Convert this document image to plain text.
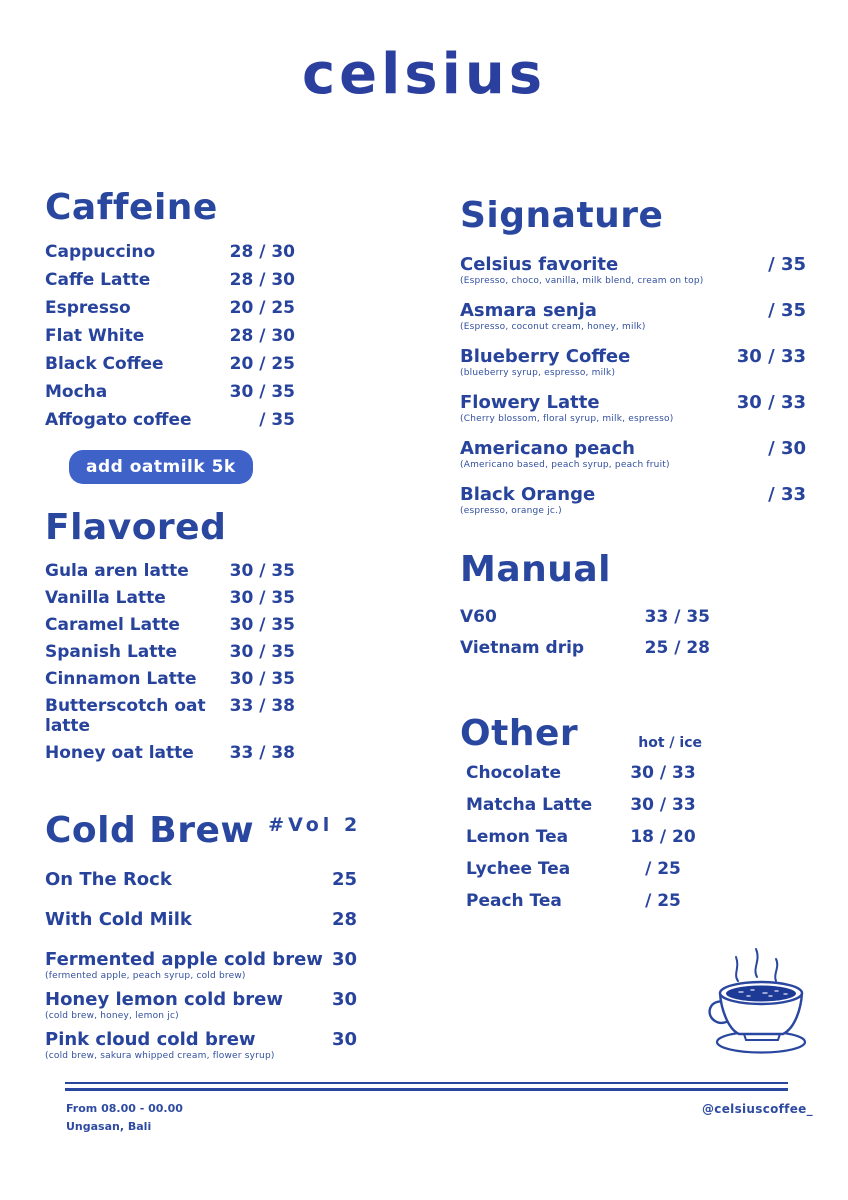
celsius
Caffeine
Cappuccino	28 / 30
Caffe Latte	28 / 30
Espresso	20 / 25
Flat White	28 / 30
Black Coffee	20 / 25
Mocha	30 / 35
Affogato coffee	/ 35
add oatmilk 5k
Flavored
Gula aren latte 30 / 35
Vanilla Latte	30 / 35
Caramel Latte	30 / 35
Spanish Latte	30 / 35
Cinnamon Latte 30 / 35
Butterscotch oat latte
33 / 38
Honey oat latte 33 / 38
Cold Brew $^{\#Vol 2}$
On The Rock	25
With Cold Milk	28
Fermented apple cold brew 30
(fermented apple, peach syrup, cold brew)
Honey lemon cold brew	30
(cold brew, honey, lemon jc)
Pink cloud cold brew	30
(cold brew, sakura whipped cream, flower syrup)
Signature
Celsius favorite	/ 35
(Espresso, choco, vanilla, milk blend, cream on top)
Asmara senja	/ 35
(Espresso, coconut cream, honey, milk)
Blueberry Coffee	30 / 33
(blueberry syrup, espresso, milk)
Flowery Latte	30 / 33
(Cherry blossom, floral syrup, milk, espresso)
Americano peach	/ 30
(Americano based, peach syrup, peach fruit)
Black Orange	/ 33
(espresso, orange jc.)
Manual
V60	33 / 35
Vietnam drip	25 / 28
Other	hot / ice
Chocolate	30 / 33
Matcha Latte	30 / 33
Lemon Tea	18 / 20
Lychee Tea	/ 25
Peach Tea	/ 25
From 08.00 - 00.00
Ungasan, Bali
@celsiuscoffee_
